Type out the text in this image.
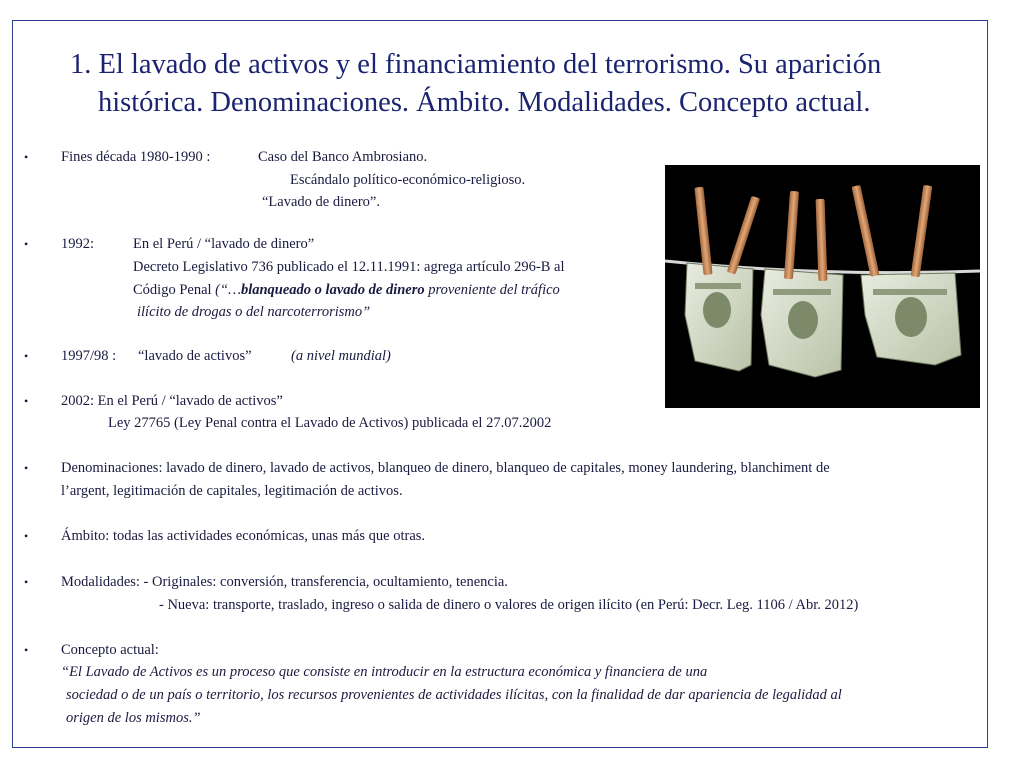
1. El lavado de activos y el financiamiento del terrorismo. Su aparición
histórica. Denominaciones. Ámbito. Modalidades. Concepto actual.
• Fines década 1980-1990 :	Caso del Banco Ambrosiano.
Escándalo político-económico-religioso.
“Lavado de dinero”.
• 1992:	En el Perú / “lavado de dinero”
Decreto Legislativo 736 publicado el 12.11.1991: agrega artículo 296-B al
Código Penal (“…blanqueado o lavado de dinero proveniente del tráfico
ilícito de drogas o del narcoterrorismo”
• 1997/98 : “lavado de activos”	(a nivel mundial)
• 2002: En el Perú / “lavado de activos”
Ley 27765 (Ley Penal contra el Lavado de Activos) publicada el 27.07.2002
• Denominaciones: lavado de dinero, lavado de activos, blanqueo de dinero, blanqueo de capitales, money laundering, blanchiment de
l’argent, legitimación de capitales, legitimación de activos.
• Ámbito: todas las actividades económicas, unas más que otras.
• Modalidades: - Originales: conversión, transferencia, ocultamiento, tenencia.
- Nueva: transporte, traslado, ingreso o salida de dinero o valores de origen ilícito (en Perú: Decr. Leg. 1106 / Abr. 2012)
• Concepto actual:
“El Lavado de Activos es un proceso que consiste en introducir en la estructura económica y financiera de una
sociedad o de un país o territorio, los recursos provenientes de actividades ilícitas, con la finalidad de dar apariencia de legalidad al
origen de los mismos.”
